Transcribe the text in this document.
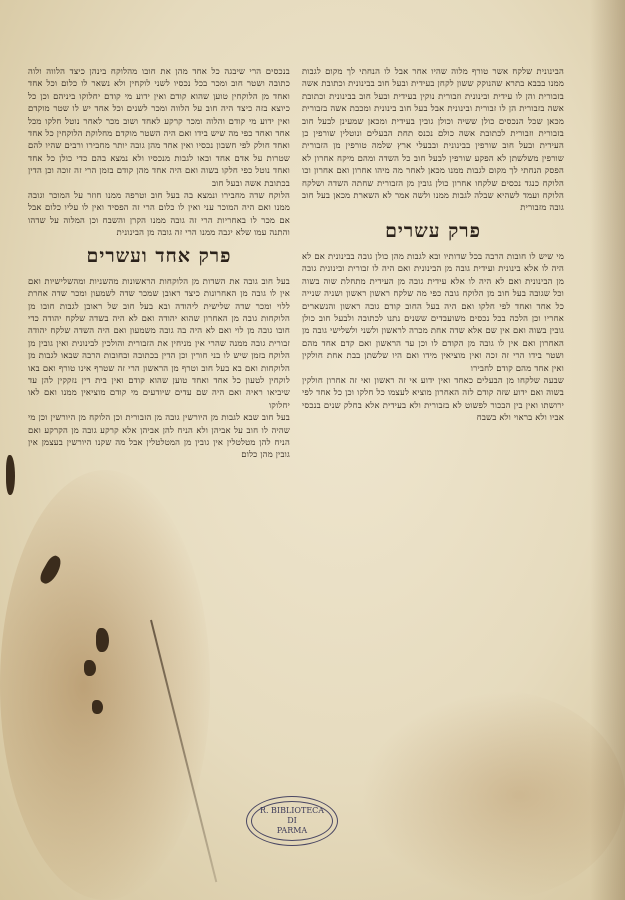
הבינונית שלקח אשר טורף מלוה שהיו אחר אבל לו הנחתי לך מקום לגבות ממנו בבבא בתרא שהנוקק ששון לקחן בעידית ובעל חוב בבינונית וכתובת אשה בזבורית והן לו עידית ובינונית וזבורית נוקין בעידית ובעל חוב בבינונית וכתובת אשה בזבורית הן לו זבורית ובינונית אבל בעל חוב בינונית ומכבת אשה בזבורית מכאן שכל הנכסים כולן ששיה וכולן גובין בעידית ומכאן שמעינן לבעל חוב בזבורית וזבורית לכתובת אשה כולם נכנס תחת הבעלים ונוטלין שורפין כן העידית ובעל חוב שורפין בבינונית ובבעלי ארץ שלמה טורפין מן הזבורית שורפין משלשתן לא הפקע שורפין לבעל חוב כל השדה ומהם מיקח אחרון לא הפסק הנחתי לך מקום לגבות ממנו מכאן לאחר מה מיהו אחרון ואם אחרון וכו הלוקח כנגד נכסים שלקחו אחרון כולן גובין מן הזבורית שחתה השדה ושלקח הלוקח ועמד לשהיא שבלה לגבות ממנו ולשה אמר לא השארת מכאן בעל חוב גובה מזבורית

פרק עשרים

מי שיש לו חובות הרבה בכל שדותיו ובא לגבות מהן כולן גובה בבינונית אם לא היה לו אלא בינונית ועידית גובה מן הבינונית ואם היה לו זבורית ובינונית גובה מן הבינונית ואם לא היה לו אלא עידית גובה מן העידית מתחלת שוה בשוה וכל שגובה בעל חוב מן הלוקח גובה כפי מה שלקח ראשון ראשון ושניה שנייה כל אחד ואחד לפי חלקו ואם היה בעל החוב קודם גובה ראשון והנשארים אחריו וכן הלכה בכל נכסים משועבדים ששנים נתנו לכתובה ולבעל חוב כולן גובין בשוה ואם אין שם אלא שדה אחת מכרה לראשון ולשני ולשלישי גובה מן האחרון ואם אין לו גובה מן הקודם לו וכן עד הראשון ואם קדם אחד מהם ושטר בידו הרי זה זכה ואין מוציאין מידו ואם היו שלשתן בבת אחת חולקין ואין אחד מהם קודם לחבירו

שבעה שלקחו מן הבעלים כאחד ואין ידוע אי זה ראשון ואי זה אחרון חולקין בשוה ואם ידוע שזה קודם לזה האחרון מוציא לעצמו כל חלקו וכן כל אחד לפי ירושתו ואין בין הבכור לפשוט לא בזבורית ולא בעידית אלא בחלק שנים בנכסי אביו ולא בראוי ולא בשבח

בנכסים הרי שיבגה כל אחד מהן את חובו מהלוקח בינהן כיצד הלווה ולוה כתובה ושטר חוב ומכר בכל נכסיו לשני לוקחין ולא נשאר לו כלום וכל אחד ואחד מן הלוקחין טוען שהוא קודם ואין ידוע מי קודם יחלוקו ביניהם וכן כל כיוצא בזה כיצד היה חוב על הלווה ומכר לשנים וכל אחד יש לו שטר מוקדם ואין ידוע מי קודם והלוה ומכר קרקע לאחד ושוב מכר לאחר נוטל חלקו מכל אחד ואחד כפי מה שיש בידו ואם היה השטר מוקדם מחלוקת הלוקחין כל אחד ואחד חולק לפי חשבון נכסיו ואין אחד מהן גובה יותר מחבירו ורבים שהיו להם שטרות על אדם אחד ובאו לגבות מנכסיו ולא נמצא בהם כדי כולן כל אחד ואחד נוטל כפי חלקו בשוה ואם היה אחד מהן קודם בזמן הרי זה זוכה וכן הדין בכתובת אשה ובעל חוב

הלוקח שדה מחבירו ונמצא בה בעל חוב וטרפה ממנו חוזר על המוכר וגובה ממנו ואם היה המוכר עני ואין לו כלום הרי זה הפסיד ואין לו עליו כלום אבל אם מכר לו באחריות הרי זה גובה ממנו הקרן והשבח וכן המלוה על שדהו והתנה עמו שלא יגבה ממנו הרי זה גובה מן הבינונית

פרק אחד ועשרים

בעל חוב גובה את השדות מן הלוקחות הראשונות מהשניות ומהשלישיות ואם אין לו גובה מן האחרונות כיצד ראובן שמכר שדה לשמעון ומכר שדה אחרת ללוי ומכר שדה שלישית ליהודה ובא בעל חוב של ראובן לגבות חובו מן הלוקחות גובה מן האחרון שהוא יהודה ואם לא היה בשדה שלקח יהודה כדי חובו גובה מן לוי ואם לא היה בה גובה משמעון ואם היה השדה שלקח יהודה זבורית גובה ממנה שהרי אין מניחין את הזבורית והולכין לבינונית ואין גובין מן הלוקח בזמן שיש לו בני חורין וכן הדין בכתובה ובחובות הרבה שבאו לגבות מן הלוקחות ואם בא בעל חוב וטרף מן הראשון הרי זה שטרף אינו טורף ואם באו לוקחין לטעון כל אחד ואחד טוען שהוא קודם ואין בית דין נזקקין להן עד שיביאו ראיה ואם היה שם עדים שיודעים מי קודם מוציאין ממנו ואם לאו יחלוקו

בעל חוב שבא לגבות מן היורשין גובה מן הזבורית וכן הלוקח מן היורשין וכן מי שהיה לו חוב על אביהן ולא הניח להן אביהן אלא קרקע גובה מן הקרקע ואם הניח להן מטלטלין אין גובין מן המטלטלין אבל מה שקנו היורשין בעצמן אין גובין מהן כלום

R. BIBLIOTECA
DI
PARMA
